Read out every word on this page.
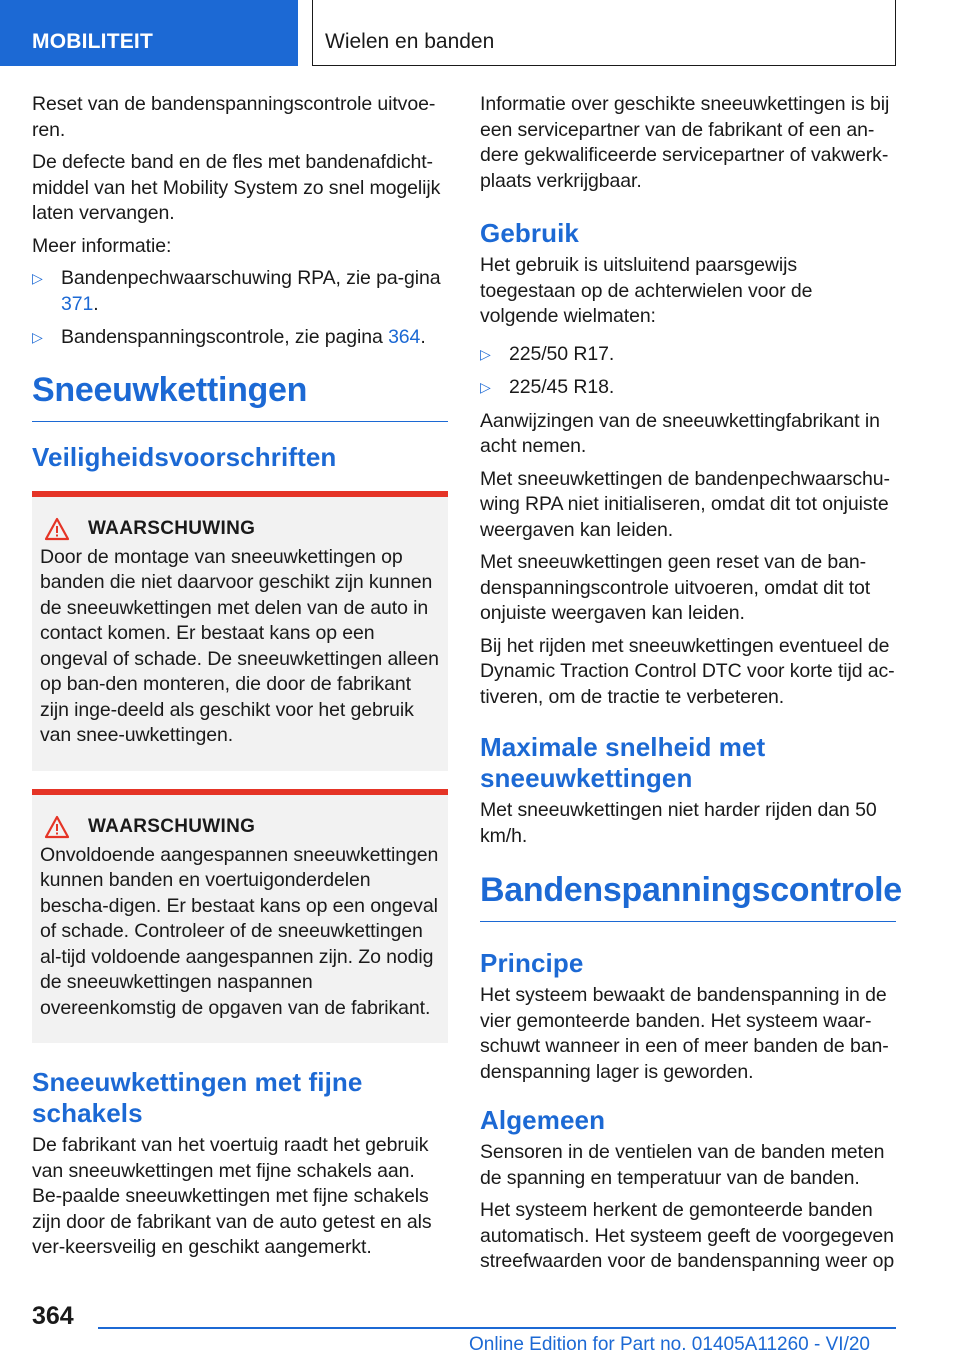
MOBILITEIT	Wielen en banden

Reset van de bandenspanningscontrole uitvoe-ren.

De defecte band en de fles met bandenafdicht-middel van het Mobility System zo snel mogelijk laten vervangen.

Meer informatie:

▷ Bandenpechwaarschuwing RPA, zie pa-gina 371.
▷ Bandenspanningscontrole, zie pagina 364.
Sneeuwkettingen
Veiligheidsvoorschriften
WAARSCHUWING

Door de montage van sneeuwkettingen op banden die niet daarvoor geschikt zijn kunnen de sneeuwkettingen met delen van de auto in contact komen. Er bestaat kans op een ongeval of schade. De sneeuwkettingen alleen op ban-den monteren, die door de fabrikant zijn inge-deeld als geschikt voor het gebruik van snee-uwkettingen.

WAARSCHUWING

Onvoldoende aangespannen sneeuwkettingen kunnen banden en voertuigonderdelen bescha-digen. Er bestaat kans op een ongeval of schade. Controleer of de sneeuwkettingen al-tijd voldoende aangespannen zijn. Zo nodig de sneeuwkettingen naspannen overeenkomstig de opgaven van de fabrikant.

Sneeuwkettingen met fijne schakels

De fabrikant van het voertuig raadt het gebruik van sneeuwkettingen met fijne schakels aan. Be-paalde sneeuwkettingen met fijne schakels zijn door de fabrikant van de auto getest en als ver-keersveilig en geschikt aangemerkt.

Informatie over geschikte sneeuwkettingen is bij een servicepartner van de fabrikant of een an-dere gekwalificeerde servicepartner of vakwerk-plaats verkrijgbaar.

Gebruik

Het gebruik is uitsluitend paarsgewijs toegestaan op de achterwielen voor de volgende wielmaten:

▷ 225/50 R17.
▷ 225/45 R18.

Aanwijzingen van de sneeuwkettingfabrikant in acht nemen.

Met sneeuwkettingen de bandenpechwaarschu-wing RPA niet initialiseren, omdat dit tot onjuiste weergaven kan leiden.

Met sneeuwkettingen geen reset van de ban-denspanningscontrole uitvoeren, omdat dit tot onjuiste weergaven kan leiden.

Bij het rijden met sneeuwkettingen eventueel de Dynamic Traction Control DTC voor korte tijd ac-tiveren, om de tractie te verbeteren.

Maximale snelheid met sneeuwkettingen

Met sneeuwkettingen niet harder rijden dan 50 km/h.

Bandenspanningscontrole
Principe

Het systeem bewaakt de bandenspanning in de vier gemonteerde banden. Het systeem waar-schuwt wanneer in een of meer banden de ban-denspanning lager is geworden.

Algemeen

Sensoren in de ventielen van de banden meten de spanning en temperatuur van de banden.

Het systeem herkent de gemonteerde banden automatisch. Het systeem geeft de voorgegeven streefwaarden voor de bandenspanning weer op

364
Online Edition for Part no. 01405A11260 - VI/20
